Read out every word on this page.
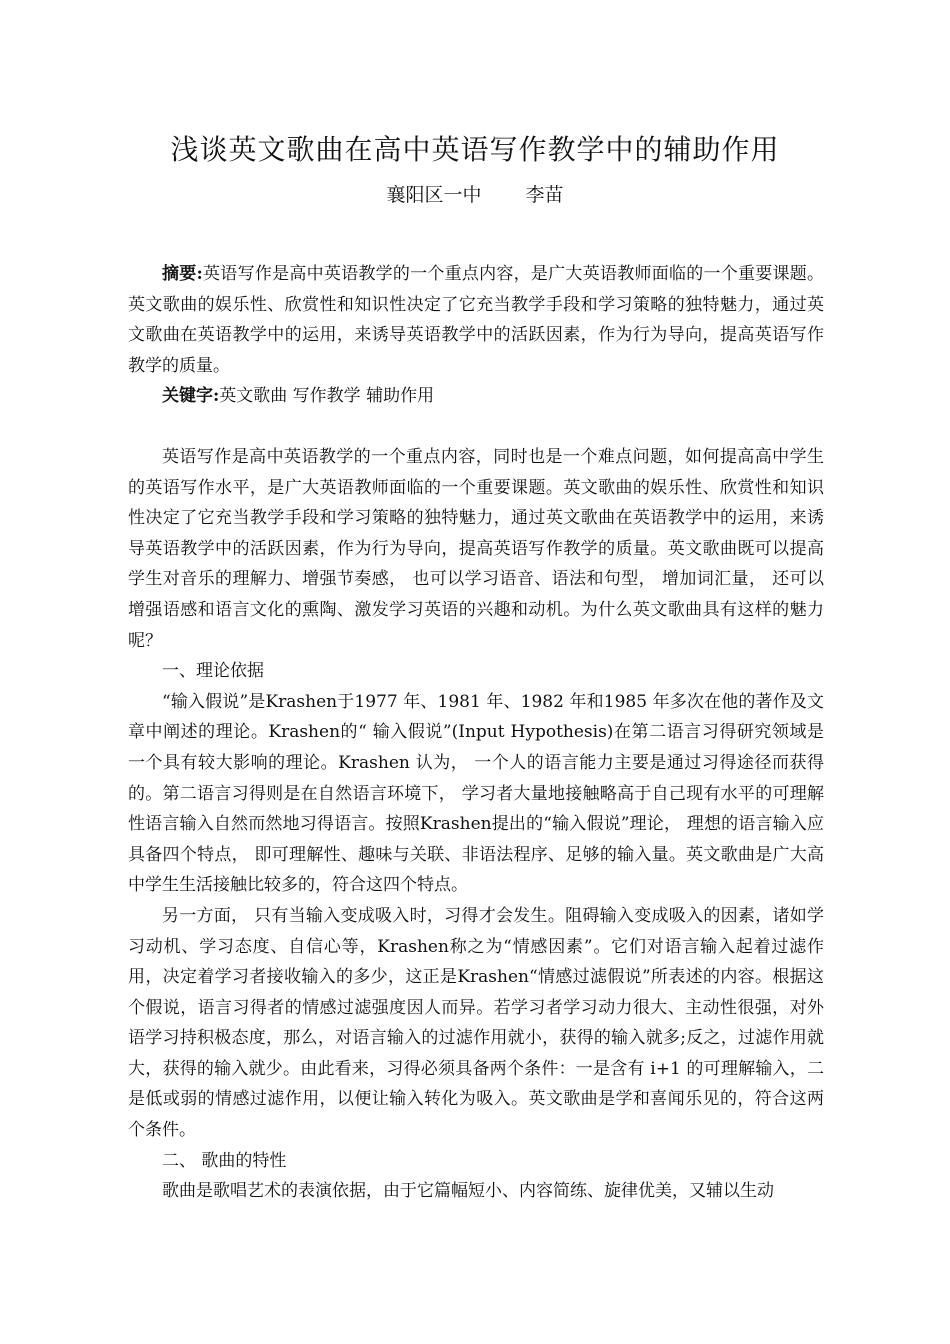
浅谈英文歌曲在高中英语写作教学中的辅助作用
襄阳区一中 李苗

摘要:英语写作是高中英语教学的一个重点内容，是广大英语教师面临的一个重要课题。英文歌曲的娱乐性、欣赏性和知识性决定了它充当教学手段和学习策略的独特魅力，通过英文歌曲在英语教学中的运用，来诱导英语教学中的活跃因素，作为行为导向，提高英语写作教学的质量。

关键字:英文歌曲 写作教学 辅助作用

英语写作是高中英语教学的一个重点内容，同时也是一个难点问题，如何提高高中学生的英语写作水平，是广大英语教师面临的一个重要课题。英文歌曲的娱乐性、欣赏性和知识性决定了它充当教学手段和学习策略的独特魅力，通过英文歌曲在英语教学中的运用，来诱导英语教学中的活跃因素，作为行为导向，提高英语写作教学的质量。英文歌曲既可以提高学生对音乐的理解力、增强节奏感， 也可以学习语音、语法和句型， 增加词汇量， 还可以增强语感和语言文化的熏陶、激发学习英语的兴趣和动机。为什么英文歌曲具有这样的魅力呢？

一、理论依据

“输入假说”是Krashen于1977 年、1981 年、1982 年和1985 年多次在他的著作及文章中阐述的理论。Krashen的“ 输入假说”(Input Hypothesis)在第二语言习得研究领域是一个具有较大影响的理论。Krashen 认为， 一个人的语言能力主要是通过习得途径而获得的。第二语言习得则是在自然语言环境下， 学习者大量地接触略高于自己现有水平的可理解性语言输入自然而然地习得语言。按照Krashen提出的“输入假说”理论， 理想的语言输入应具备四个特点， 即可理解性、趣味与关联、非语法程序、足够的输入量。英文歌曲是广大高中学生生活接触比较多的，符合这四个特点。

另一方面， 只有当输入变成吸入时，习得才会发生。阻碍输入变成吸入的因素，诸如学习动机、学习态度、自信心等，Krashen称之为“情感因素”。它们对语言输入起着过滤作用，决定着学习者接收输入的多少，这正是Krashen“情感过滤假说”所表述的内容。根据这个假说，语言习得者的情感过滤强度因人而异。若学习者学习动力很大、主动性很强，对外语学习持积极态度，那么，对语言输入的过滤作用就小，获得的输入就多;反之，过滤作用就大，获得的输入就少。由此看来，习得必须具备两个条件：一是含有 i+1 的可理解输入，二是低或弱的情感过滤作用，以便让输入转化为吸入。英文歌曲是学和喜闻乐见的，符合这两个条件。

二、 歌曲的特性

歌曲是歌唱艺术的表演依据，由于它篇幅短小、内容简练、旋律优美，又辅以生动
